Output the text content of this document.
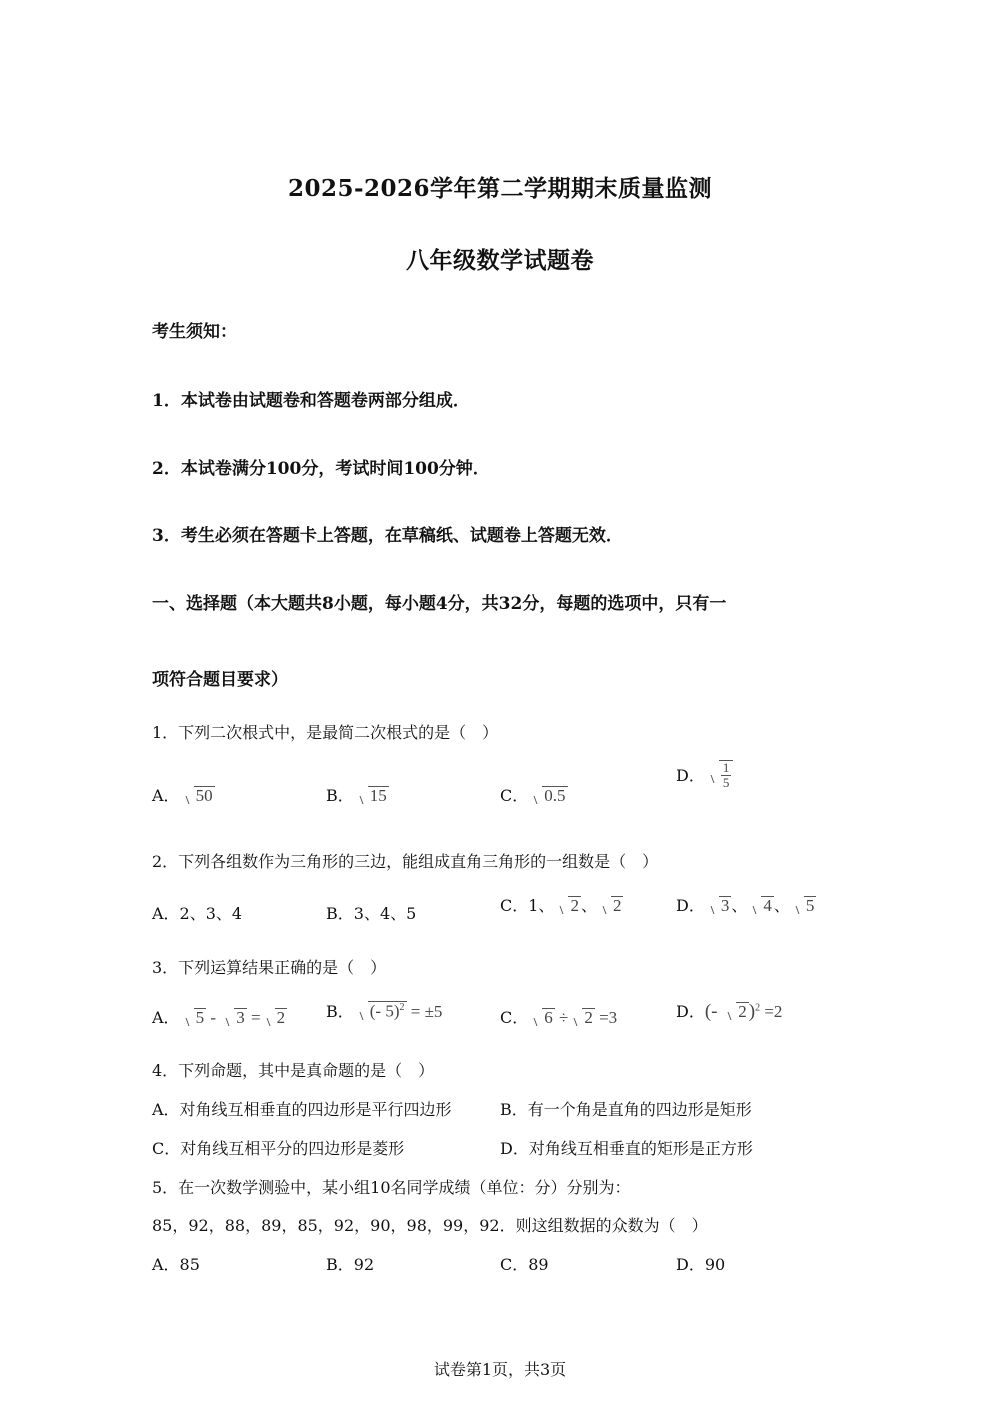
2025-2026学年第二学期期末质量监测
八年级数学试题卷
考生须知：
1．本试卷由试题卷和答题卷两部分组成．
2．本试卷满分100分，考试时间100分钟．
3．考生必须在答题卡上答题，在草稿纸、试题卷上答题无效．
一、选择题（本大题共8小题，每小题4分，共32分，每题的选项中，只有一
项符合题目要求）
1．下列二次根式中，是最简二次根式的是（　）
A． 50	B． 15	C． 0.5
D． $\frac{1}{5}$
2．下列各组数作为三角形的三边，能组成直角三角形的一组数是（　）
A．2、3、4	B．3、4、5	C．1、 2 、 2	D． 3 、 4 、 5
3．下列运算结果正确的是（　）
A． 5 - 3 = 2	B． (- 5)$^2$ = ±5	C． 6 ÷ 2 =3	D．(- 2 )$^2$ =2
4．下列命题，其中是真命题的是（　）
A．对角线互相垂直的四边形是平行四边形	B．有一个角是直角的四边形是矩形
C．对角线互相平分的四边形是菱形	D．对角线互相垂直的矩形是正方形
5．在一次数学测验中，某小组10名同学成绩（单位：分）分别为：
85，92，88，89，85，92，90，98，99，92．则这组数据的众数为（　）
A．85	B．92	C．89	D．90
试卷第1页，共3页
